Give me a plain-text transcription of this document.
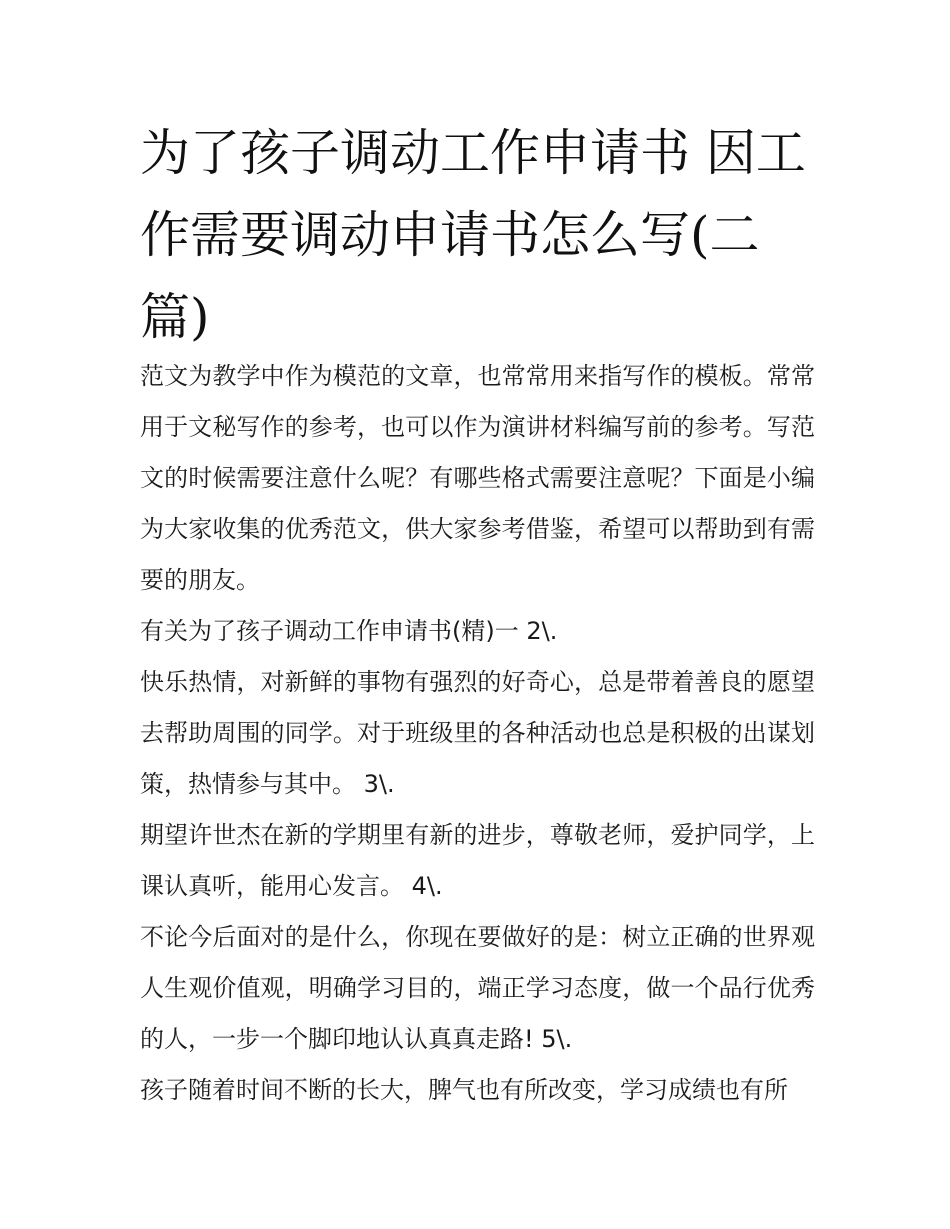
为了孩子调动工作申请书 因工作需要调动申请书怎么写(二篇)

范文为教学中作为模范的文章，也常常用来指写作的模板。常常用于文秘写作的参考，也可以作为演讲材料编写前的参考。写范文的时候需要注意什么呢？有哪些格式需要注意呢？下面是小编为大家收集的优秀范文，供大家参考借鉴，希望可以帮助到有需要的朋友。

有关为了孩子调动工作申请书(精)一 2\.

快乐热情，对新鲜的事物有强烈的好奇心，总是带着善良的愿望去帮助周围的同学。对于班级里的各种活动也总是积极的出谋划策，热情参与其中。 3\.

期望许世杰在新的学期里有新的进步，尊敬老师，爱护同学，上课认真听，能用心发言。 4\.

不论今后面对的是什么，你现在要做好的是：树立正确的世界观人生观价值观，明确学习目的，端正学习态度，做一个品行优秀的人，一步一个脚印地认认真真走路! 5\.

孩子随着时间不断的长大，脾气也有所改变，学习成绩也有所
